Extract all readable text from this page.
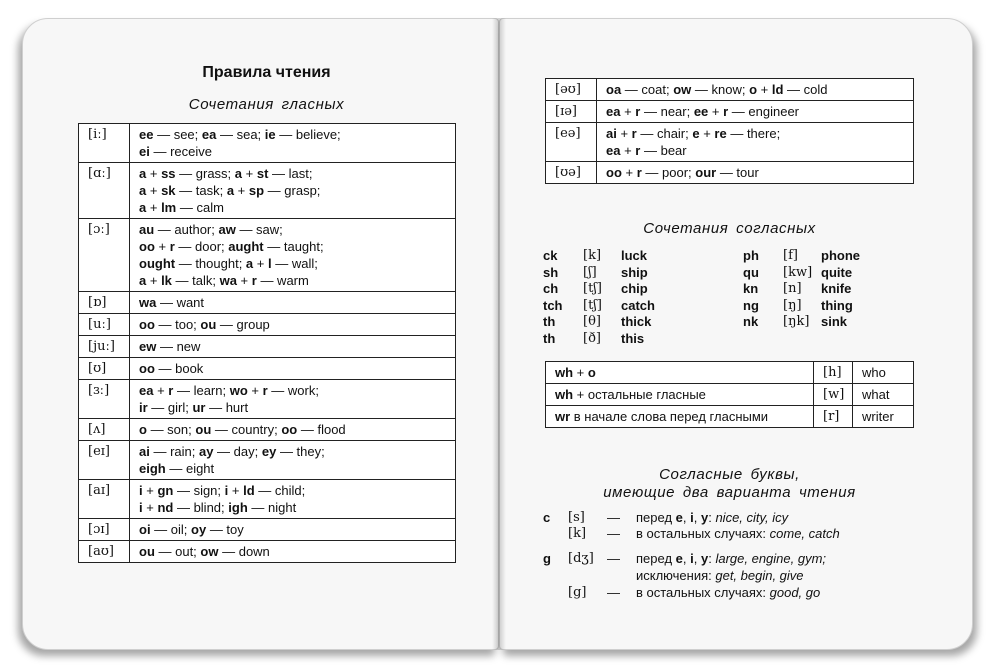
Правила чтения
Сочетания гласных
[iː]	ee — see; ea — sea; ie — believe;
ei — receive

[ɑː]	a + ss — grass; a + st — last;
a + sk — task; a + sp — grasp;
a + lm — calm

[ɔː]	au — author; aw — saw;
oo + r — door; aught — taught;
ought — thought; a + l — wall;
a + lk — talk; wa + r — warm

[ɒ]	wa — want

[uː]	oo — too; ou — group

[juː]	ew — new

[ʊ]	oo — book

[ɜː]	ea + r — learn; wo + r — work;
ir — girl; ur — hurt

[ʌ]	o — son; ou — country; oo — flood

[eɪ]	ai — rain; ay — day; ey — they;
eigh — eight

[aɪ]	i + gn — sign; i + ld — child;
i + nd — blind; igh — night

[ɔɪ]	oi — oil; oy — toy

[aʊ]	ou — out; ow — down
[əʊ]	oa — coat; ow — know; o + ld — cold

[ɪə]	ea + r — near; ee + r — engineer

[eə]	ai + r — chair; e + re — there;
ea + r — bear

[ʊə]	oo + r — poor; our — tour
Сочетания согласных
ck [k] luck
sh [ʃ] ship
ch [tʃ] chip
tch [tʃ] catch
th [θ] thick
th [ð] this
ph [f] phone
qu [kw] quite
kn [n] knife
ng [ŋ] thing
nk [ŋk] sink
wh + o	[h]	who
wh + остальные гласные	[w]	what
wr в начале слова перед гласными	[r]	writer
Согласные буквы,
имеющие два варианта чтения
c [s] — перед e, i, y: nice, city, icy
[k] — в остальных случаях: come, catch
g [dʒ] — перед e, i, y: large, engine, gym;
исключения: get, begin, give
[g] — в остальных случаях: good, go
